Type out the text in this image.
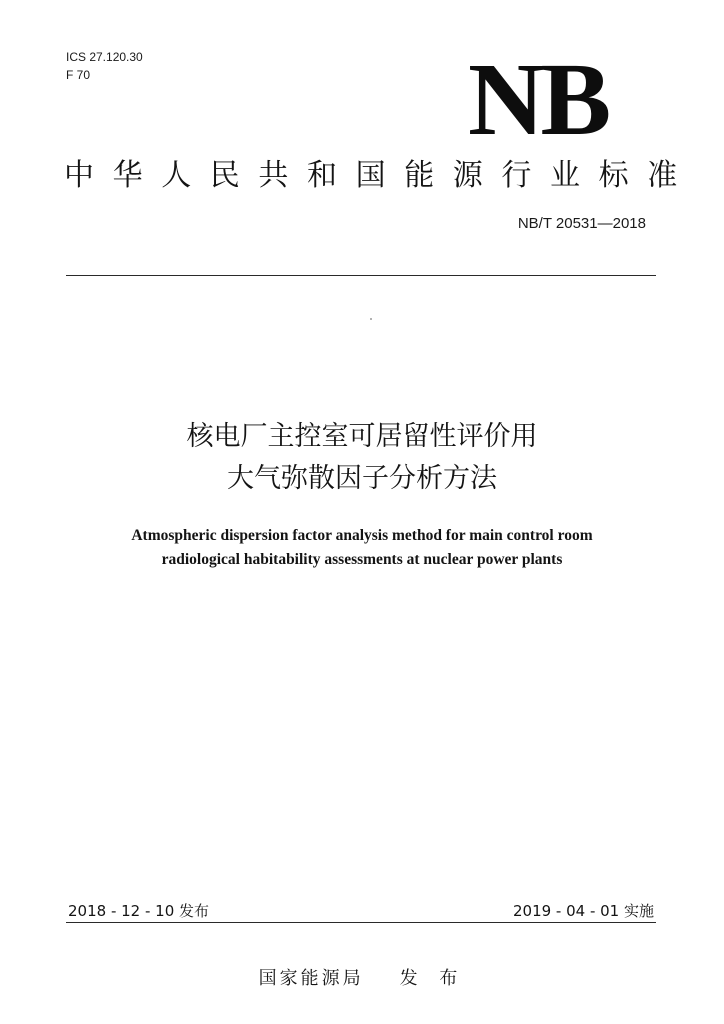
ICS 27.120.30
F 70	NB
中华人民共和国能源行业标准
NB/T 20531—2018
核电厂主控室可居留性评价用
大气弥散因子分析方法
Atmospheric dispersion factor analysis method for main control room
radiological habitability assessments at nuclear power plants
2018 - 12 - 10 发布	2019 - 04 - 01 实施
国家能源局 发 布
